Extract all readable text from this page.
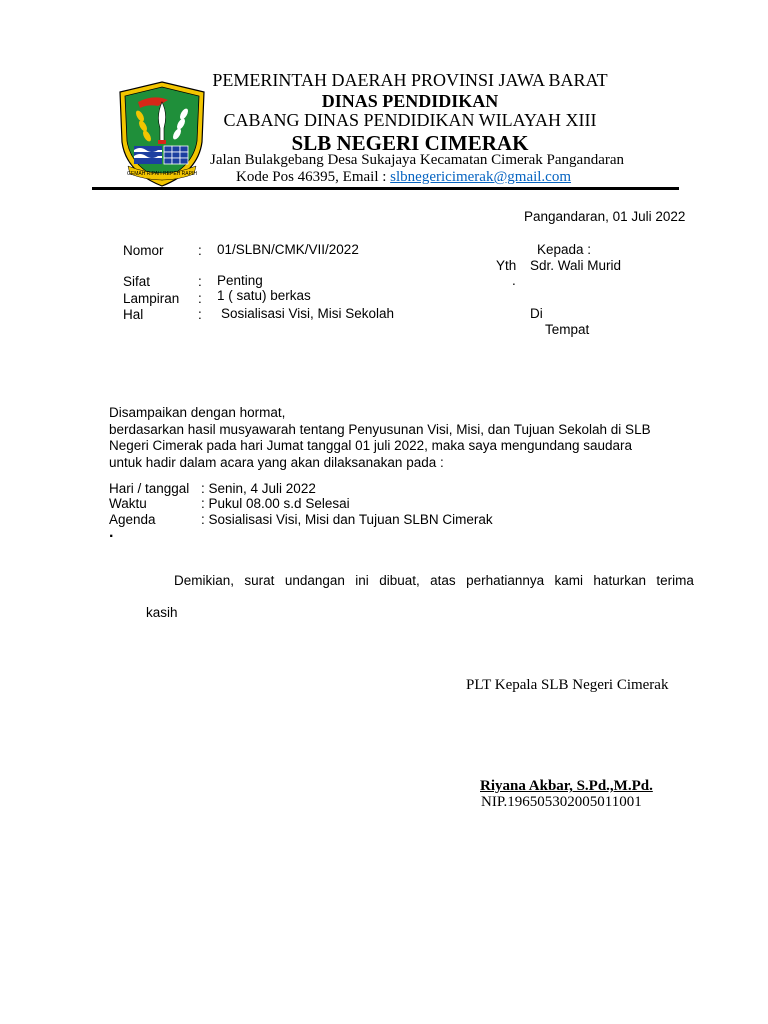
GEMAH RIPAH REPEH RAPIH
PEMERINTAH DAERAH PROVINSI JAWA BARAT
DINAS PENDIDIKAN
CABANG DINAS PENDIDIKAN WILAYAH XIII
SLB NEGERI CIMERAK
Jalan Bulakgebang Desa Sukajaya Kecamatan Cimerak Pangandaran
Kode Pos 46395, Email : slbnegericimerak@gmail.com
Pangandaran, 01 Juli 2022
Nomor	: 01/SLBN/CMK/VII/2022
Sifat	: Penting
Lampiran : 1 ( satu) berkas
Hal	: Sosialisasi Visi, Misi Sekolah
Kepada :
Yth Sdr. Wali Murid
.
Di
Tempat
Disampaikan dengan hormat,
berdasarkan hasil musyawarah tentang Penyusunan Visi, Misi, dan Tujuan Sekolah di SLB
Negeri Cimerak pada hari Jumat tanggal 01 juli 2022, maka saya mengundang saudara
untuk hadir dalam acara yang akan dilaksanakan pada :
Hari / tanggal : Senin, 4 Juli 2022
Waktu	: Pukul 08.00 s.d Selesai
Agenda	: Sosialisasi Visi, Misi dan Tujuan SLBN Cimerak
.
Demikian, surat undangan ini dibuat, atas perhatiannya kami haturkan terima
kasih
PLT Kepala SLB Negeri Cimerak
Riyana Akbar, S.Pd.,M.Pd.
NIP.196505302005011001
